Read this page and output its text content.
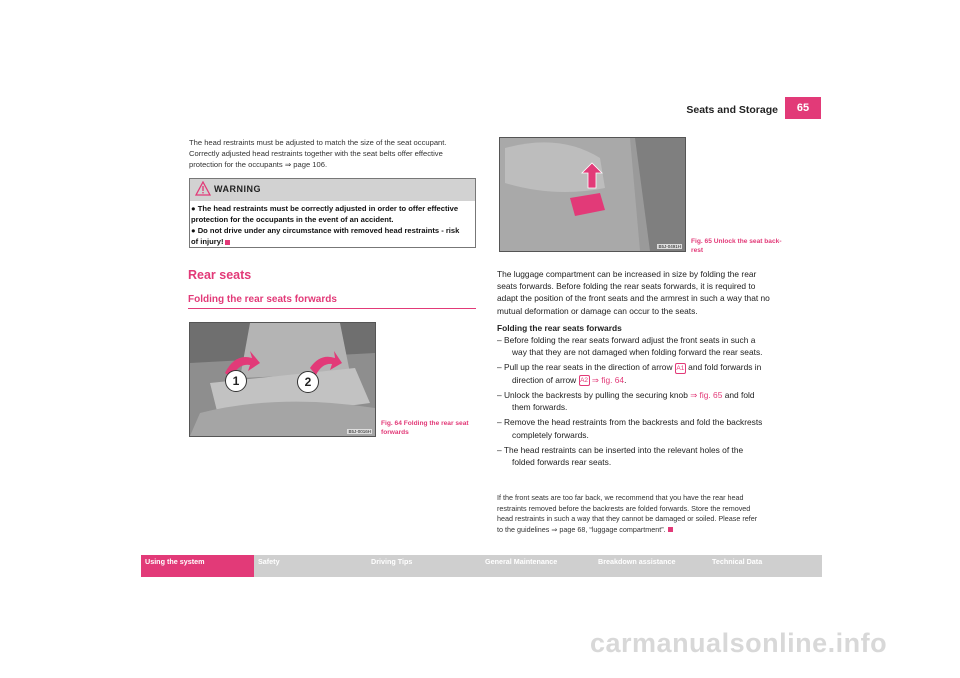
Seats and Storage	65
The head restraints must be adjusted to match the size of the seat occupant.
Correctly adjusted head restraints together with the seat belts offer effective
protection for the occupants ⇒ page 106.
WARNING
● The head restraints must be correctly adjusted in order to offer effective
protection for the occupants in the event of an accident.
● Do not drive under any circumstance with removed head restraints - risk
of injury!
Rear seats
Folding the rear seats forwards
1	2
B5J-0016H
Fig. 64 Folding the rear seat
forwards
B5J-0491H
Fig. 65 Unlock the seat back-
rest
The luggage compartment can be increased in size by folding the rear
seats forwards. Before folding the rear seats forwards, it is required to
adapt the position of the front seats and the armrest in such a way that no
mutual deformation or damage can occur to the seats.
Folding the rear seats forwards
– Before folding the rear seats forward adjust the front seats in such a
way that they are not damaged when folding forward the rear seats.
– Pull up the rear seats in the direction of arrow A1 and fold forwards in
direction of arrow A2 ⇒ fig. 64.
– Unlock the backrests by pulling the securing knob ⇒ fig. 65 and fold
them forwards.
– Remove the head restraints from the backrests and fold the backrests
completely forwards.
– The head restraints can be inserted into the relevant holes of the
folded forwards rear seats.
If the front seats are too far back, we recommend that you have the rear head
restraints removed before the backrests are folded forwards. Store the removed
head restraints in such a way that they cannot be damaged or soiled. Please refer
to the guidelines ⇒ page 68, “luggage compartment”.
Using the system	Safety	Driving Tips	General Maintenance	Breakdown assistance	Technical Data
carmanualsonline.info
